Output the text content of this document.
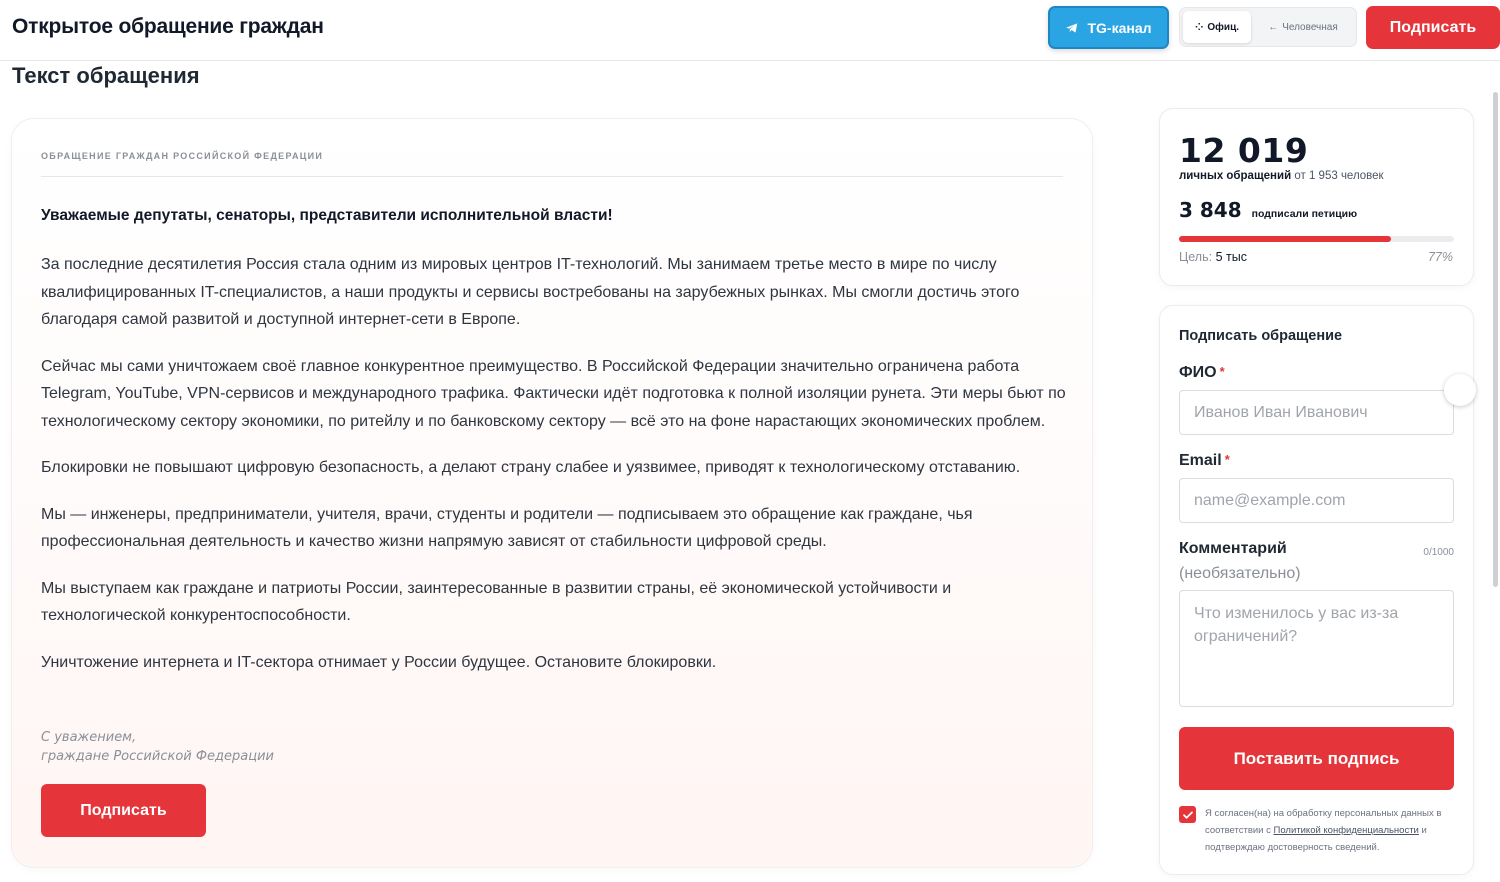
Открытое обращение граждан	TG-канал	⁘ Офиц.	← Человечная	Подписать
Текст обращения
ОБРАЩЕНИЕ ГРАЖДАН РОССИЙСКОЙ ФЕДЕРАЦИИ
Уважаемые депутаты, сенаторы, представители исполнительной власти!

За последние десятилетия Россия стала одним из мировых центров IT-технологий. Мы занимаем третье место в мире по числу квалифицированных IT-специалистов, а наши продукты и сервисы востребованы на зарубежных рынках. Мы смогли достичь этого благодаря самой развитой и доступной интернет-сети в Европе.

Сейчас мы сами уничтожаем своё главное конкурентное преимущество. В Российской Федерации значительно ограничена работа Telegram, YouTube, VPN-сервисов и международного трафика. Фактически идёт подготовка к полной изоляции рунета. Эти меры бьют по технологическому сектору экономики, по ритейлу и по банковскому сектору — всё это на фоне нарастающих экономических проблем.

Блокировки не повышают цифровую безопасность, а делают страну слабее и уязвимее, приводят к технологическому отставанию.

Мы — инженеры, предприниматели, учителя, врачи, студенты и родители — подписываем это обращение как граждане, чья профессиональная деятельность и качество жизни напрямую зависят от стабильности цифровой среды.

Мы выступаем как граждане и патриоты России, заинтересованные в развитии страны, её экономической устойчивости и технологической конкурентоспособности.

Уничтожение интернета и IT-сектора отнимает у России будущее. Остановите блокировки.

С уважением,
граждане Российской Федерации
Подписать
12 019
личных обращений от 1 953 человек
3 848 подписали петицию
Цель: 5 тыс	77%
Подписать обращение
ФИО *
Иванов Иван Иванович
Email *
name@example.com
Комментарий	0/1000
(необязательно)
Что изменилось у вас из-за ограничений?
Поставить подпись
Я согласен(на) на обработку персональных данных в соответствии с Политикой конфиденциальности и подтверждаю достоверность сведений.
